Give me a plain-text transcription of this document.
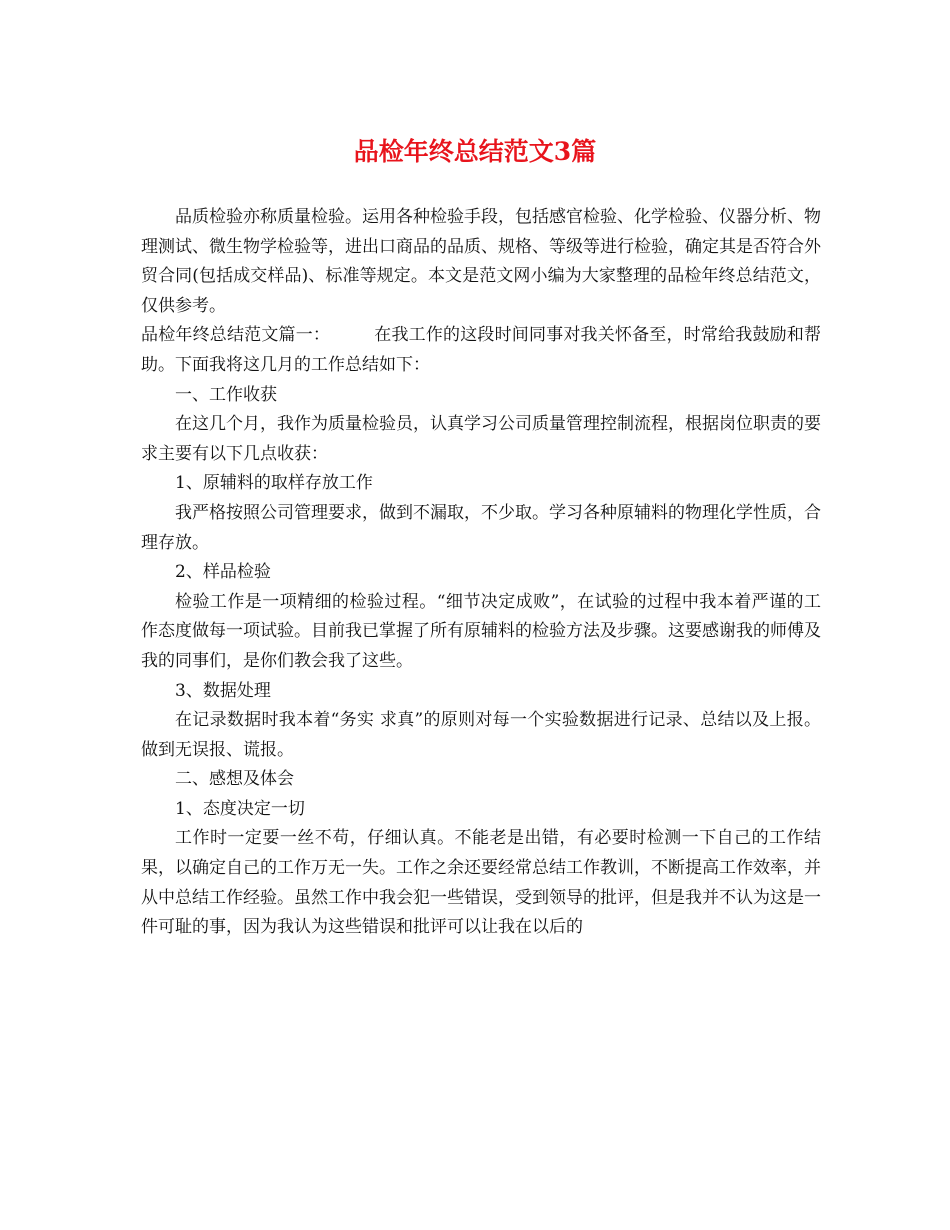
品检年终总结范文3篇

品质检验亦称质量检验。运用各种检验手段，包括感官检验、化学检验、仪器分析、物理测试、微生物学检验等，进出口商品的品质、规格、等级等进行检验，确定其是否符合外贸合同(包括成交样品)、标准等规定。本文是范文网小编为大家整理的品检年终总结范文，仅供参考。

品检年终总结范文篇一：	在我工作的这段时间同事对我关怀备至，时常给我鼓励和帮助。下面我将这几月的工作总结如下：

一、工作收获

在这几个月，我作为质量检验员，认真学习公司质量管理控制流程，根据岗位职责的要求主要有以下几点收获：

1、原辅料的取样存放工作

我严格按照公司管理要求，做到不漏取，不少取。学习各种原辅料的物理化学性质，合理存放。

2、样品检验

检验工作是一项精细的检验过程。“细节决定成败”，在试验的过程中我本着严谨的工作态度做每一项试验。目前我已掌握了所有原辅料的检验方法及步骤。这要感谢我的师傅及我的同事们，是你们教会我了这些。

3、数据处理

在记录数据时我本着“务实 求真”的原则对每一个实验数据进行记录、总结以及上报。做到无误报、谎报。

二、感想及体会

1、态度决定一切

工作时一定要一丝不苟，仔细认真。不能老是出错，有必要时检测一下自己的工作结果，以确定自己的工作万无一失。工作之余还要经常总结工作教训，不断提高工作效率，并从中总结工作经验。虽然工作中我会犯一些错误，受到领导的批评，但是我并不认为这是一件可耻的事，因为我认为这些错误和批评可以让我在以后的
